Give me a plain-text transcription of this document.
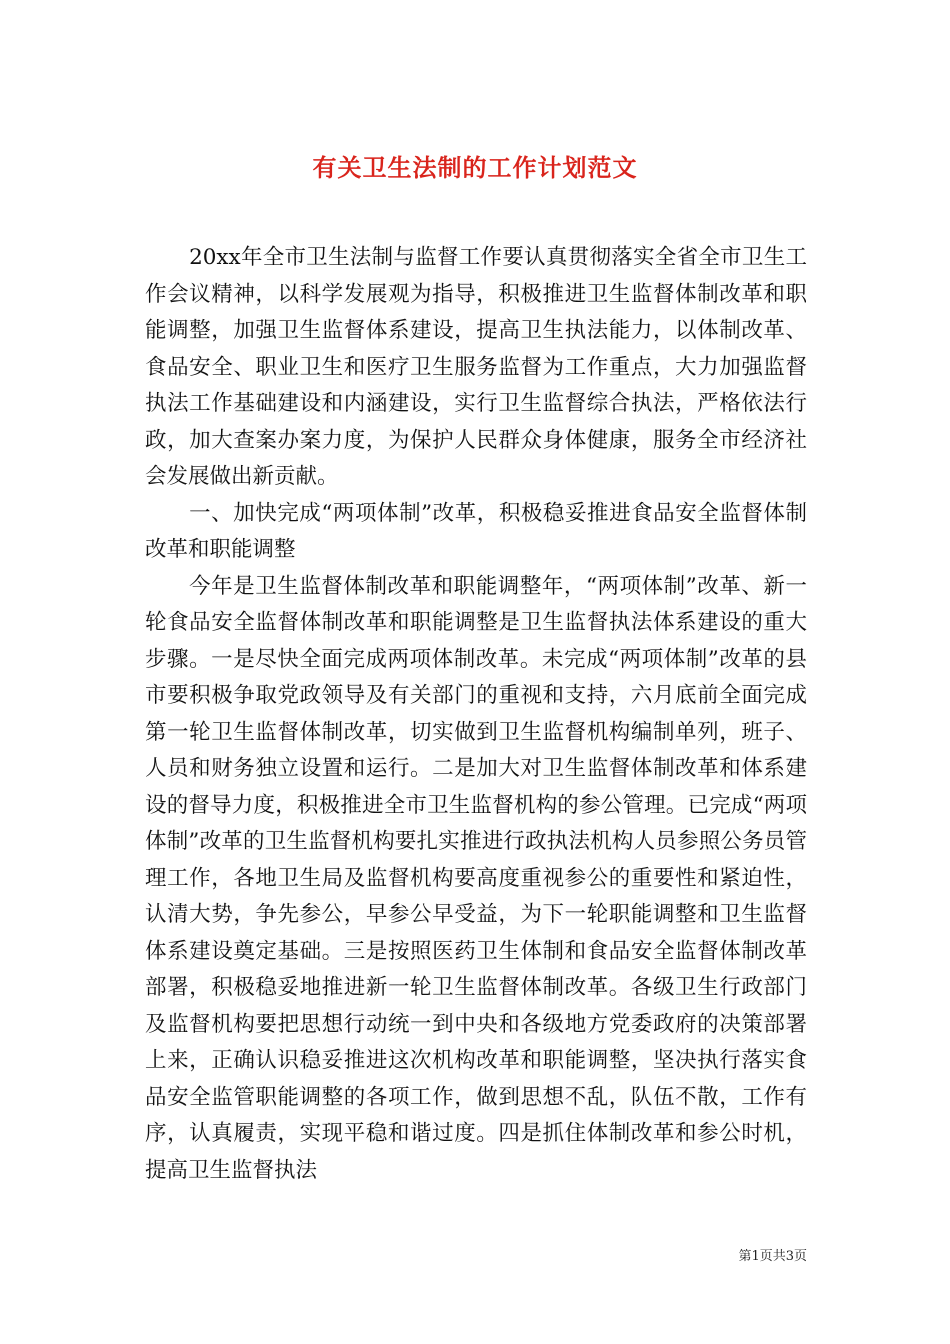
有关卫生法制的工作计划范文

20xx年全市卫生法制与监督工作要认真贯彻落实全省全市卫生工作会议精神，以科学发展观为指导，积极推进卫生监督体制改革和职能调整，加强卫生监督体系建设，提高卫生执法能力，以体制改革、食品安全、职业卫生和医疗卫生服务监督为工作重点，大力加强监督执法工作基础建设和内涵建设，实行卫生监督综合执法，严格依法行政，加大查案办案力度，为保护人民群众身体健康，服务全市经济社会发展做出新贡献。

一、加快完成“两项体制”改革，积极稳妥推进食品安全监督体制改革和职能调整

今年是卫生监督体制改革和职能调整年，“两项体制”改革、新一轮食品安全监督体制改革和职能调整是卫生监督执法体系建设的重大步骤。一是尽快全面完成两项体制改革。未完成“两项体制”改革的县市要积极争取党政领导及有关部门的重视和支持，六月底前全面完成第一轮卫生监督体制改革，切实做到卫生监督机构编制单列，班子、人员和财务独立设置和运行。二是加大对卫生监督体制改革和体系建设的督导力度，积极推进全市卫生监督机构的参公管理。已完成“两项体制”改革的卫生监督机构要扎实推进行政执法机构人员参照公务员管理工作，各地卫生局及监督机构要高度重视参公的重要性和紧迫性，认清大势，争先参公，早参公早受益，为下一轮职能调整和卫生监督体系建设奠定基础。三是按照医药卫生体制和食品安全监督体制改革部署，积极稳妥地推进新一轮卫生监督体制改革。各级卫生行政部门及监督机构要把思想行动统一到中央和各级地方党委政府的决策部署上来，正确认识稳妥推进这次机构改革和职能调整，坚决执行落实食品安全监管职能调整的各项工作，做到思想不乱，队伍不散，工作有序，认真履责，实现平稳和谐过度。四是抓住体制改革和参公时机，提高卫生监督执法

第1页共3页
